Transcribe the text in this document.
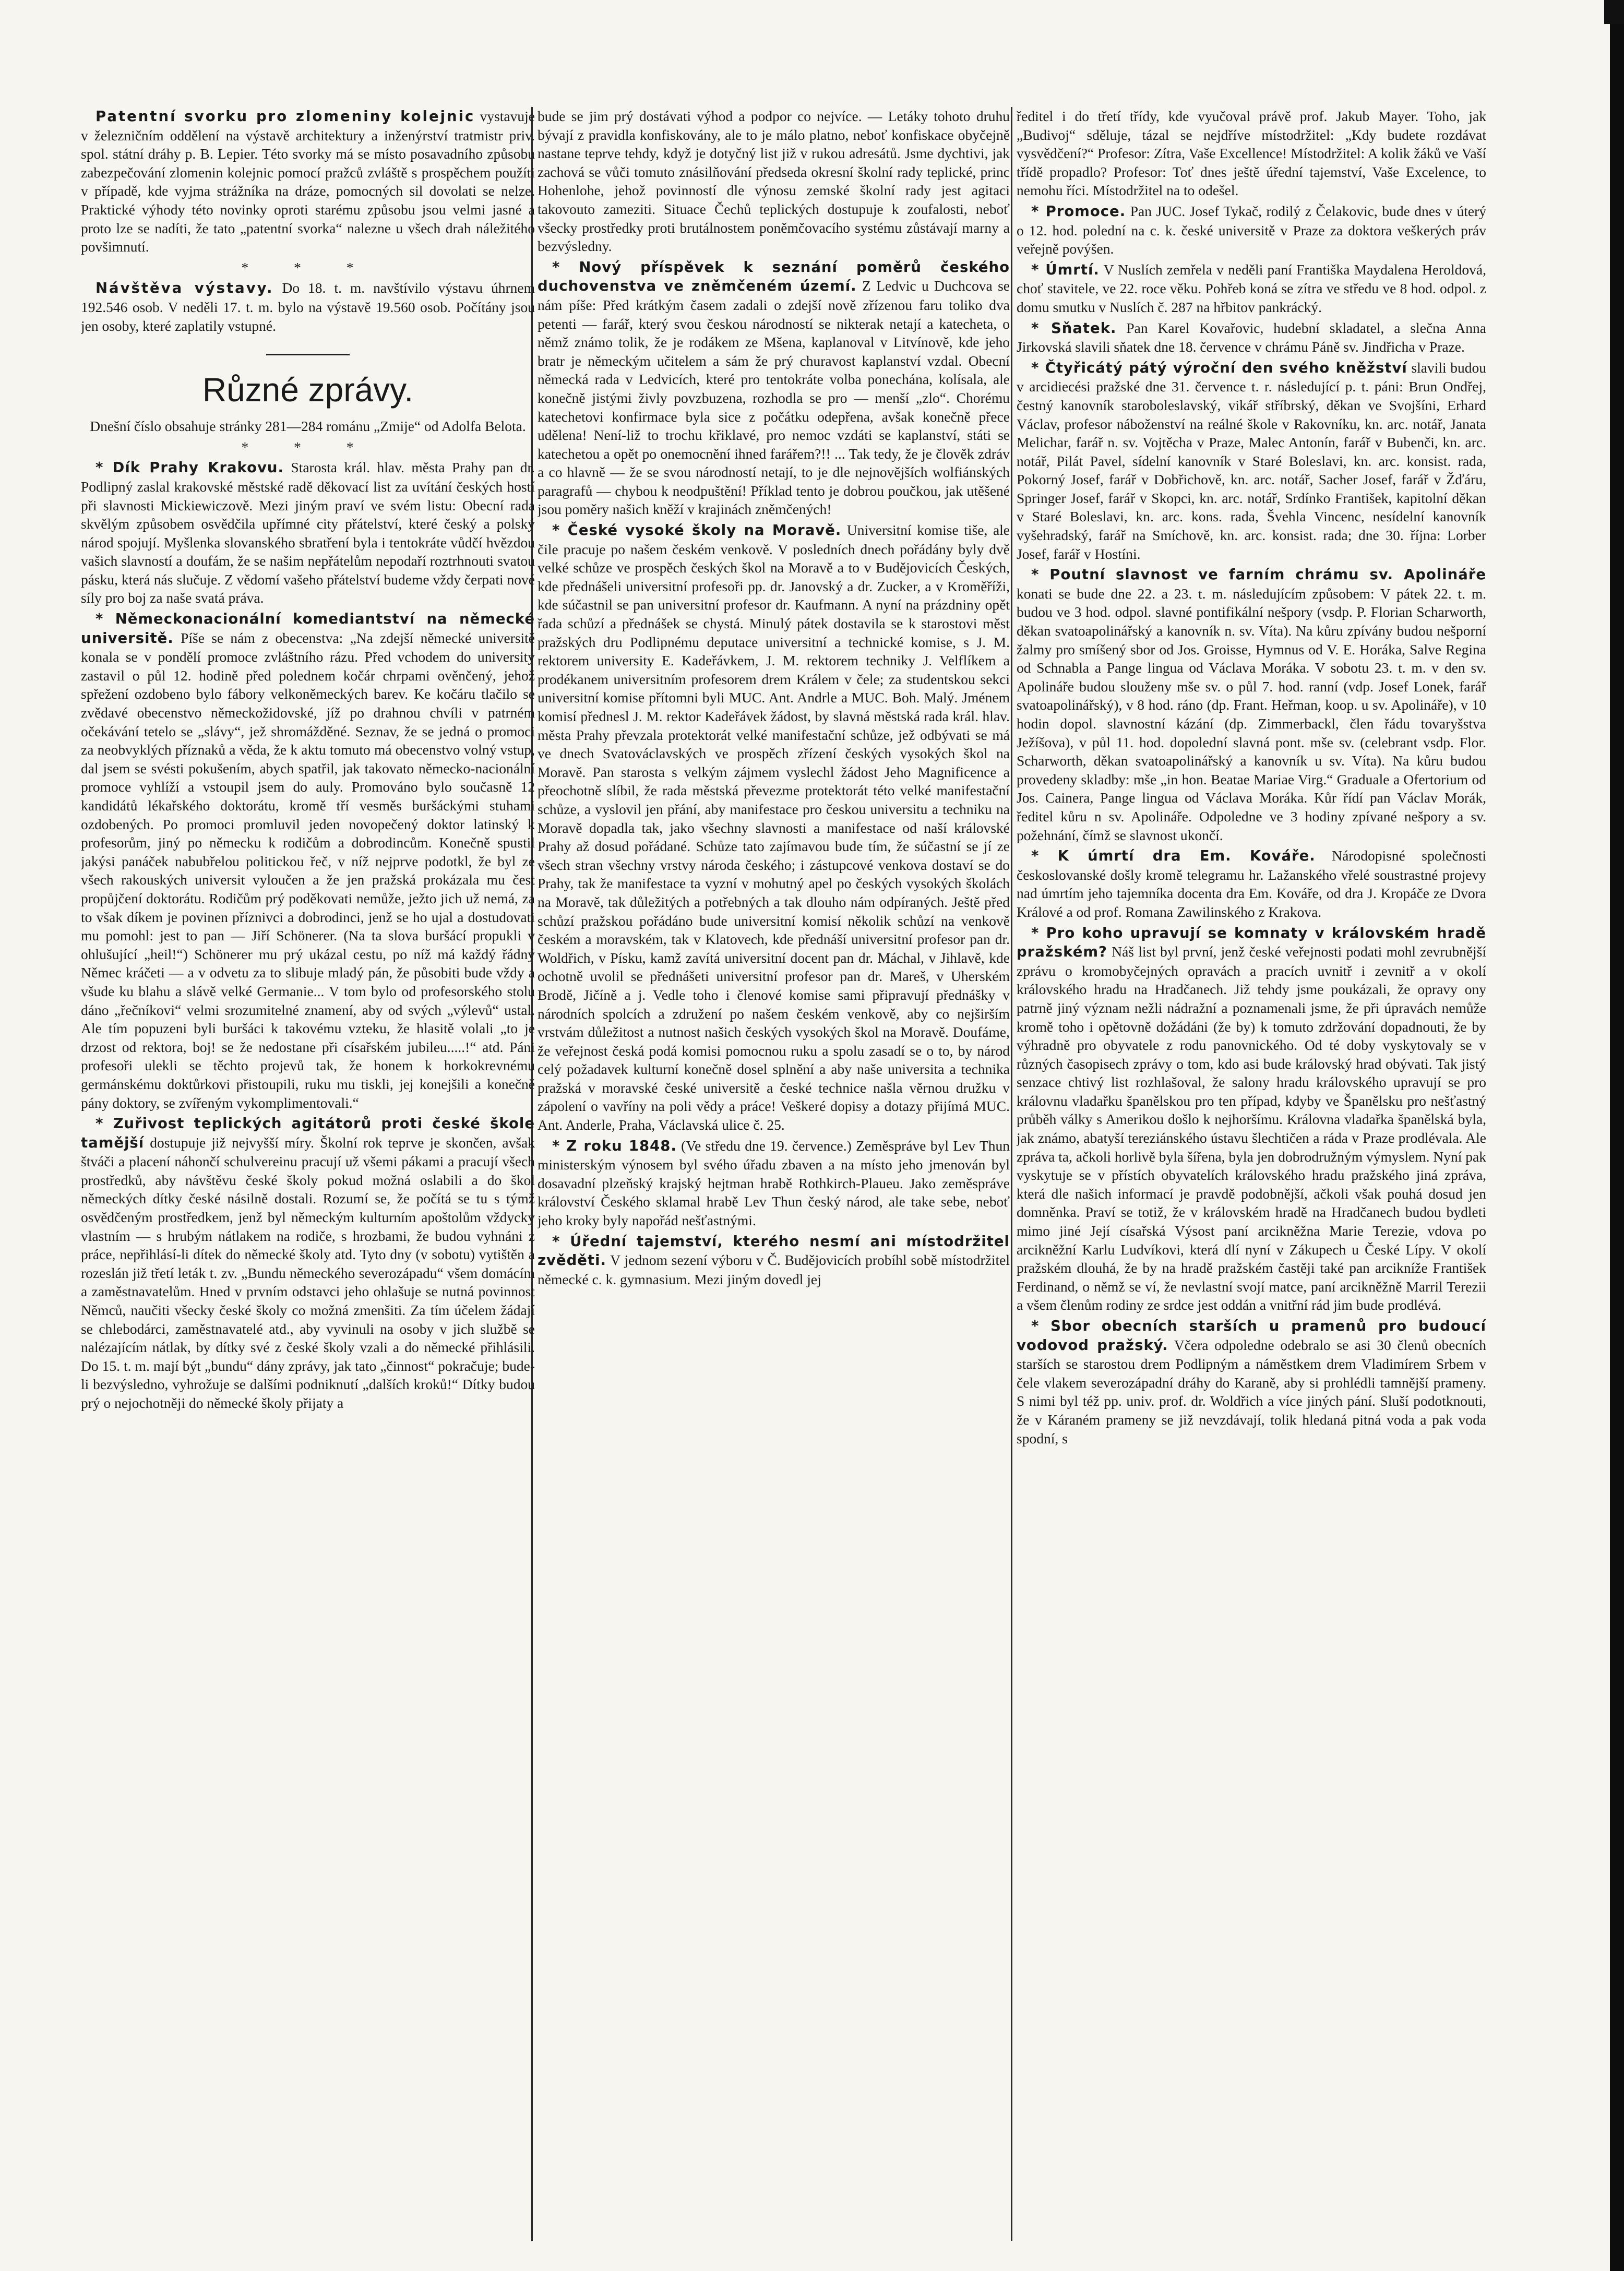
Patentní svorku pro zlomeniny kolejnic vystavuje v železničním oddělení na výstavě architektury a inženýrství tratmistr priv. spol. státní dráhy p. B. Lepier. Této svorky má se místo posavadního způsobu zabezpečování zlomenin kolejnic pomocí pražců zvláště s prospěchem použíti v případě, kde vyjma strážníka na dráze, pomocných sil dovolati se nelze. Praktické výhody této novinky oproti starému způsobu jsou velmi jasné a proto lze se nadíti, že tato „patentní svorka“ nalezne u všech drah náležitého povšimnutí.

* * *

Návštěva výstavy. Do 18. t. m. navštívilo výstavu úhrnem 192.546 osob. V neděli 17. t. m. bylo na výstavě 19.560 osob. Počítány jsou jen osoby, které zaplatily vstupné.

Různé zprávy.

Dnešní číslo obsahuje stránky 281—284 románu „Zmije“ od Adolfa Belota.

* * *

* Dík Prahy Krakovu. Starosta král. hlav. města Prahy pan dr. Podlipný zaslal krakovské městské radě děkovací list za uvítání českých hostí při slavnosti Mickiewiczově. Mezi jiným praví ve svém listu: Obecní rada skvělým způsobem osvědčila upřímné city přátelství, které český a polský národ spojují. Myšlenka slovanského sbratření byla i tentokráte vůdčí hvězdou vašich slavností a doufám, že se našim nepřátelům nepodaří roztrhnouti svatou pásku, která nás slučuje. Z vědomí vašeho přátelství budeme vždy čerpati nové síly pro boj za naše svatá práva.

* Německonacionální komediantství na německé universitě. Píše se nám z obecenstva: „Na zdejší německé universitě konala se v pondělí promoce zvláštního rázu. Před vchodem do university zastavil o půl 12. hodině před polednem kočár chrpami ověnčený, jehož spřežení ozdobeno bylo fábory velkoněmeckých barev. Ke kočáru tlačilo se zvědavé obecenstvo německožidovské, jíž po drahnou chvíli v patrném očekávání tetelo se „slávy“, jež shromážděné. Seznav, že se jedná o promoci za neobvyklých příznaků a věda, že k aktu tomuto má obecenstvo volný vstup, dal jsem se svésti pokušením, abych spatřil, jak takovato německo-nacionální promoce vyhlíží a vstoupil jsem do auly. Promováno bylo současně 12 kandidátů lékařského doktorátu, kromě tří vesměs buršáckými stuhami ozdobených. Po promoci promluvil jeden novopečený doktor latinský k profesorům, jiný po německu k rodičům a dobrodincům. Konečně spustil jakýsi panáček nabubřelou politickou řeč, v níž nejprve podotkl, že byl ze všech rakouských universit vyloučen a že jen pražská prokázala mu čest propůjčení doktorátu. Rodičům prý poděkovati nemůže, ježto jich už nemá, za to však díkem je povinen příznivci a dobrodinci, jenž se ho ujal a dostudovati mu pomohl: jest to pan — Jiří Schönerer. (Na ta slova buršácí propukli v ohlušující „heil!“) Schönerer mu prý ukázal cestu, po níž má každý řádný Němec kráčeti — a v odvetu za to slibuje mladý pán, že působiti bude vždy a všude ku blahu a slávě velké Germanie... V tom bylo od profesorského stolu dáno „řečníkovi“ velmi srozumitelné znamení, aby od svých „výlevů“ ustal. Ale tím popuzeni byli buršáci k takovému vzteku, že hlasitě volali „to je drzost od rektora, boj! se že nedostane při císařském jubileu.....!“ atd. Páni profesoři ulekli se těchto projevů tak, že honem k horkokrevnému germánskému doktůrkovi přistoupili, ruku mu tiskli, jej konejšili a konečně pány doktory, se zvířeným vykomplimentovali.“

* Zuřivost teplických agitátorů proti české škole tamější dostupuje již nejvyšší míry. Školní rok teprve je skončen, avšak štváči a placení náhončí schulvereinu pracují už všemi pákami a pracují všech prostředků, aby návštěvu české školy pokud možná oslabili a do škol německých dítky české násilně dostali. Rozumí se, že počítá se tu s týmž osvědčeným prostředkem, jenž byl německým kulturním apoštolům vždycky vlastním — s hrubým nátlakem na rodiče, s hrozbami, že budou vyhnáni z práce, nepřihlásí-li dítek do německé školy atd. Tyto dny (v sobotu) vytištěn a rozeslán již třetí leták t. zv. „Bundu německého severozápadu“ všem domácím a zaměstnavatelům. Hned v prvním odstavci jeho ohlašuje se nutná povinnost Němců, naučiti všecky české školy co možná zmenšiti. Za tím účelem žádají se chlebodárci, zaměstnavatelé atd., aby vyvinuli na osoby v jich službě se nalézajícím nátlak, by dítky své z české školy vzali a do německé přihlásili. Do 15. t. m. mají být „bundu“ dány zprávy, jak tato „činnost“ pokračuje; bude-li bezvýsledno, vyhrožuje se dalšími podniknutí „dalších kroků!“ Dítky budou prý o nejochotněji do německé školy přijaty a

bude se jim prý dostávati výhod a podpor co nejvíce. — Letáky tohoto druhu bývají z pravidla konfiskovány, ale to je málo platno, neboť konfiskace obyčejně nastane teprve tehdy, když je dotyčný list již v rukou adresátů. Jsme dychtivi, jak zachová se vůči tomuto znásilňování předseda okresní školní rady teplické, princ Hohenlohe, jehož povinností dle výnosu zemské školní rady jest agitaci takovouto zameziti. Situace Čechů teplických dostupuje k zoufalosti, neboť všecky prostředky proti brutálnostem poněmčovacího systému zůstávají marny a bezvýsledny.

* Nový příspěvek k seznání poměrů českého duchovenstva ve zněmčeném území. Z Ledvic u Duchcova se nám píše: Před krátkým časem zadali o zdejší nově zřízenou faru toliko dva petenti — farář, který svou českou národností se nikterak netají a katecheta, o němž známo tolik, že je rodákem ze Mšena, kaplanoval v Litvínově, kde jeho bratr je německým učitelem a sám že prý churavost kaplanství vzdal. Obecní německá rada v Ledvicích, které pro tentokráte volba ponechána, kolísala, ale konečně jistými živly povzbuzena, rozhodla se pro — menší „zlo“. Chorému katechetovi konfirmace byla sice z počátku odepřena, avšak konečně přece udělena! Není-liž to trochu křiklavé, pro nemoc vzdáti se kaplanství, státi se katechetou a opět po onemocnění ihned farářem?!! ... Tak tedy, že je člověk zdráv a co hlavně — že se svou národností netají, to je dle nejnovějších wolfiánských paragrafů — chybou k neodpuštění! Příklad tento je dobrou poučkou, jak utěšené jsou poměry našich kněží v krajinách zněmčených!

* České vysoké školy na Moravě. Universitní komise tiše, ale čile pracuje po našem českém venkově. V posledních dnech pořádány byly dvě velké schůze ve prospěch českých škol na Moravě a to v Budějovicích Českých, kde přednášeli universitní profesoři pp. dr. Janovský a dr. Zucker, a v Kroměříži, kde súčastnil se pan universitní profesor dr. Kaufmann. A nyní na prázdniny opět řada schůzí a přednášek se chystá. Minulý pátek dostavila se k starostovi měst pražských dru Podlipnému deputace universitní a technické komise, s J. M. rektorem university E. Kadeřávkem, J. M. rektorem techniky J. Velflíkem a prodékanem universitním profesorem drem Králem v čele; za studentskou sekci universitní komise přítomni byli MUC. Ant. Andrle a MUC. Boh. Malý. Jménem komisí přednesl J. M. rektor Kadeřávek žádost, by slavná městská rada král. hlav. města Prahy převzala protektorát velké manifestační schůze, jež odbývati se má ve dnech Svatováclavských ve prospěch zřízení českých vysokých škol na Moravě. Pan starosta s velkým zájmem vyslechl žádost Jeho Magnificence a přeochotně slíbil, že rada městská převezme protektorát této velké manifestační schůze, a vyslovil jen přání, aby manifestace pro českou universitu a techniku na Moravě dopadla tak, jako všechny slavnosti a manifestace od naší královské Prahy až dosud pořádané. Schůze tato zajímavou bude tím, že súčastní se jí ze všech stran všechny vrstvy národa českého; i zástupcové venkova dostaví se do Prahy, tak že manifestace ta vyzní v mohutný apel po českých vysokých školách na Moravě, tak důležitých a potřebných a tak dlouho nám odpíraných. Ještě před schůzí pražskou pořádáno bude universitní komisí několik schůzí na venkově českém a moravském, tak v Klatovech, kde přednáší universitní profesor pan dr. Woldřich, v Písku, kamž zavítá universitní docent pan dr. Máchal, v Jihlavě, kde ochotně uvolil se přednášeti universitní profesor pan dr. Mareš, v Uherském Brodě, Jičíně a j. Vedle toho i členové komise sami připravují přednášky v národních spolcích a združení po našem českém venkově, aby co nejširším vrstvám důležitost a nutnost našich českých vysokých škol na Moravě. Doufáme, že veřejnost česká podá komisi pomocnou ruku a spolu zasadí se o to, by národ celý požadavek kulturní konečně dosel splnění a aby naše universita a technika pražská v moravské české universitě a české technice našla věrnou družku v zápolení o vavříny na poli vědy a práce! Veškeré dopisy a dotazy přijímá MUC. Ant. Anderle, Praha, Václavská ulice č. 25.

* Z roku 1848. (Ve středu dne 19. července.) Zeměspráve byl Lev Thun ministerským výnosem byl svého úřadu zbaven a na místo jeho jmenován byl dosavadní plzeňský krajský hejtman hrabě Rothkirch-Plaueu. Jako zeměspráve království Českého sklamal hrabě Lev Thun český národ, ale take sebe, neboť jeho kroky byly napořád nešťastnými.

* Úřední tajemství, kterého nesmí ani místodržitel zvěděti. V jednom sezení výboru v Č. Budějovicích probíhl sobě místodržitel německé c. k. gymnasium. Mezi jiným dovedl jej

ředitel i do třetí třídy, kde vyučoval právě prof. Jakub Mayer. Toho, jak „Budivoj“ sděluje, tázal se nejdříve místodržitel: „Kdy budete rozdávat vysvědčení?“ Profesor: Zítra, Vaše Excellence! Místodržitel: A kolik žáků ve Vaší třídě propadlo? Profesor: Toť dnes ještě úřední tajemství, Vaše Excelence, to nemohu říci. Místodržitel na to odešel.

* Promoce. Pan JUC. Josef Tykač, rodilý z Čelakovic, bude dnes v úterý o 12. hod. polední na c. k. české universitě v Praze za doktora veškerých práv veřejně povýšen.

* Úmrtí. V Nuslích zemřela v neděli paní Františka Maydalena Heroldová, choť stavitele, ve 22. roce věku. Pohřeb koná se zítra ve středu ve 8 hod. odpol. z domu smutku v Nuslích č. 287 na hřbitov pankrácký.

* Sňatek. Pan Karel Kovařovic, hudební skladatel, a slečna Anna Jirkovská slavili sňatek dne 18. července v chrámu Páně sv. Jindřicha v Praze.

* Čtyřicátý pátý výroční den svého kněžství slavili budou v arcidiecési pražské dne 31. července t. r. následující p. t. páni: Brun Ondřej, čestný kanovník staroboleslavský, vikář stříbrský, děkan ve Svojšíni, Erhard Václav, profesor náboženství na reálné škole v Rakovníku, kn. arc. notář, Janata Melichar, farář n. sv. Vojtěcha v Praze, Malec Antonín, farář v Bubenči, kn. arc. notář, Pilát Pavel, sídelní kanovník v Staré Boleslavi, kn. arc. konsist. rada, Pokorný Josef, farář v Dobřichově, kn. arc. notář, Sacher Josef, farář v Žďáru, Springer Josef, farář v Skopci, kn. arc. notář, Srdínko František, kapitolní děkan v Staré Boleslavi, kn. arc. kons. rada, Švehla Vincenc, nesídelní kanovník vyšehradský, farář na Smíchově, kn. arc. konsist. rada; dne 30. října: Lorber Josef, farář v Hostíni.

* Poutní slavnost ve farním chrámu sv. Apolináře konati se bude dne 22. a 23. t. m. následujícím způsobem: V pátek 22. t. m. budou ve 3 hod. odpol. slavné pontifikální nešpory (vsdp. P. Florian Scharworth, děkan svatoapolinářský a kanovník n. sv. Víta). Na kůru zpívány budou nešporní žalmy pro smíšený sbor od Jos. Groisse, Hymnus od V. E. Horáka, Salve Regina od Schnabla a Pange lingua od Václava Moráka. V sobotu 23. t. m. v den sv. Apolináře budou slouženy mše sv. o půl 7. hod. ranní (vdp. Josef Lonek, farář svatoapolinářský), v 8 hod. ráno (dp. Frant. Heřman, koop. u sv. Apolináře), v 10 hodin dopol. slavnostní kázání (dp. Zimmerbackl, člen řádu tovaryšstva Ježíšova), v půl 11. hod. dopolední slavná pont. mše sv. (celebrant vsdp. Flor. Scharworth, děkan svatoapolinářský a kanovník u sv. Víta). Na kůru budou provedeny skladby: mše „in hon. Beatae Mariae Virg.“ Graduale a Ofertorium od Jos. Cainera, Pange lingua od Václava Moráka. Kůr řídí pan Václav Morák, ředitel kůru n sv. Apolináře. Odpoledne ve 3 hodiny zpívané nešpory a sv. požehnání, čímž se slavnost ukončí.

* K úmrtí dra Em. Kováře. Národopisné společnosti českoslovanské došly kromě telegramu hr. Lažanského vřelé soustrastné projevy nad úmrtím jeho tajemníka docenta dra Em. Kováře, od dra J. Kropáče ze Dvora Králové a od prof. Romana Zawilinského z Krakova.

* Pro koho upravují se komnaty v královském hradě pražském? Náš list byl první, jenž české veřejnosti podati mohl zevrubnější zprávu o kromobyčejných opravách a pracích uvnitř i zevnitř a v okolí královského hradu na Hradčanech. Již tehdy jsme poukázali, že opravy ony patrně jiný význam nežli nádražní a poznamenali jsme, že při úpravách nemůže kromě toho i opětovně dožádáni (že by) k tomuto zdržování dopadnouti, že by výhradně pro obyvatele z rodu panovnického. Od té doby vyskytovaly se v různých časopisech zprávy o tom, kdo asi bude královský hrad obývati. Tak jistý senzace chtivý list rozhlašoval, že salony hradu královského upravují se pro královnu vladařku španělskou pro ten případ, kdyby ve Španělsku pro nešťastný průběh války s Amerikou došlo k nejhoršímu. Královna vladařka španělská byla, jak známo, abatyší tereziánského ústavu šlechtičen a ráda v Praze prodlévala. Ale zpráva ta, ačkoli horlivě byla šířena, byla jen dobrodružným výmyslem. Nyní pak vyskytuje se v přístích obyvatelích královského hradu pražského jiná zpráva, která dle našich informací je pravdě podobnější, ačkoli však pouhá dosud jen domněnka. Praví se totiž, že v královském hradě na Hradčanech budou bydleti mimo jiné Její císařská Výsost paní arcikněžna Marie Terezie, vdova po arcikněžní Karlu Ludvíkovi, která dlí nyní v Zákupech u České Lípy. V okolí pražském dlouhá, že by na hradě pražském častěji také pan arcikníže František Ferdinand, o němž se ví, že nevlastní svojí matce, paní arcikněžně Marril Terezii a všem členům rodiny ze srdce jest oddán a vnitřní rád jim bude prodlévá.

* Sbor obecních starších u pramenů pro budoucí vodovod pražský. Včera odpoledne odebralo se asi 30 členů obecních starších se starostou drem Podlipným a náměstkem drem Vladimírem Srbem v čele vlakem severozápadní dráhy do Karaně, aby si prohlédli tamnější prameny. S nimi byl též pp. univ. prof. dr. Woldřich a více jiných pání. Sluší podotknouti, že v Káraném prameny se již nevzdávají, tolik hledaná pitná voda a pak voda spodní, s
